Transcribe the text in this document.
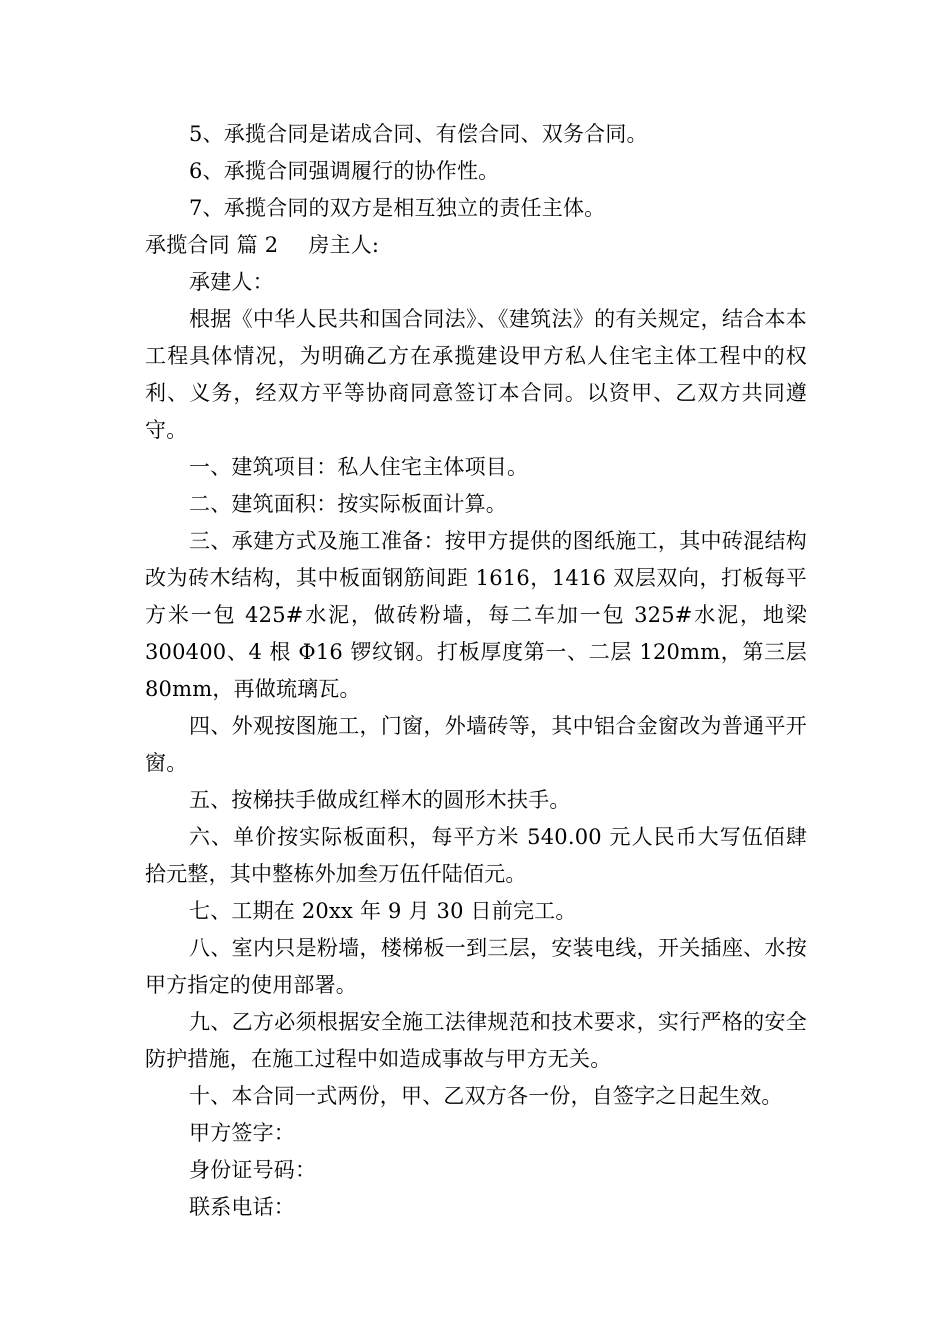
5、承揽合同是诺成合同、有偿合同、双务合同。

6、承揽合同强调履行的协作性。

7、承揽合同的双方是相互独立的责任主体。

承揽合同 篇 2 房主人:

承建人：

根据《中华人民共和国合同法》、《建筑法》的有关规定，结合本本工程具体情况，为明确乙方在承揽建设甲方私人住宅主体工程中的权利、义务，经双方平等协商同意签订本合同。以资甲、乙双方共同遵守。

一、建筑项目：私人住宅主体项目。

二、建筑面积：按实际板面计算。

三、承建方式及施工准备：按甲方提供的图纸施工，其中砖混结构改为砖木结构，其中板面钢筋间距 1616，1416 双层双向，打板每平方米一包 425#水泥，做砖粉墙，每二车加一包 325#水泥，地梁300400、4 根 Φ16 锣纹钢。打板厚度第一、二层 120mm，第三层80mm，再做琉璃瓦。

四、外观按图施工，门窗，外墙砖等，其中铝合金窗改为普通平开窗。

五、按梯扶手做成红榉木的圆形木扶手。

六、单价按实际板面积，每平方米 540.00 元人民币大写伍佰肆拾元整，其中整栋外加叁万伍仟陆佰元。

七、工期在 20xx 年 9 月 30 日前完工。

八、室内只是粉墙，楼梯板一到三层，安装电线，开关插座、水按甲方指定的使用部署。

九、乙方必须根据安全施工法律规范和技术要求，实行严格的安全防护措施，在施工过程中如造成事故与甲方无关。

十、本合同一式两份，甲、乙双方各一份，自签字之日起生效。

甲方签字：

身份证号码：

联系电话：
